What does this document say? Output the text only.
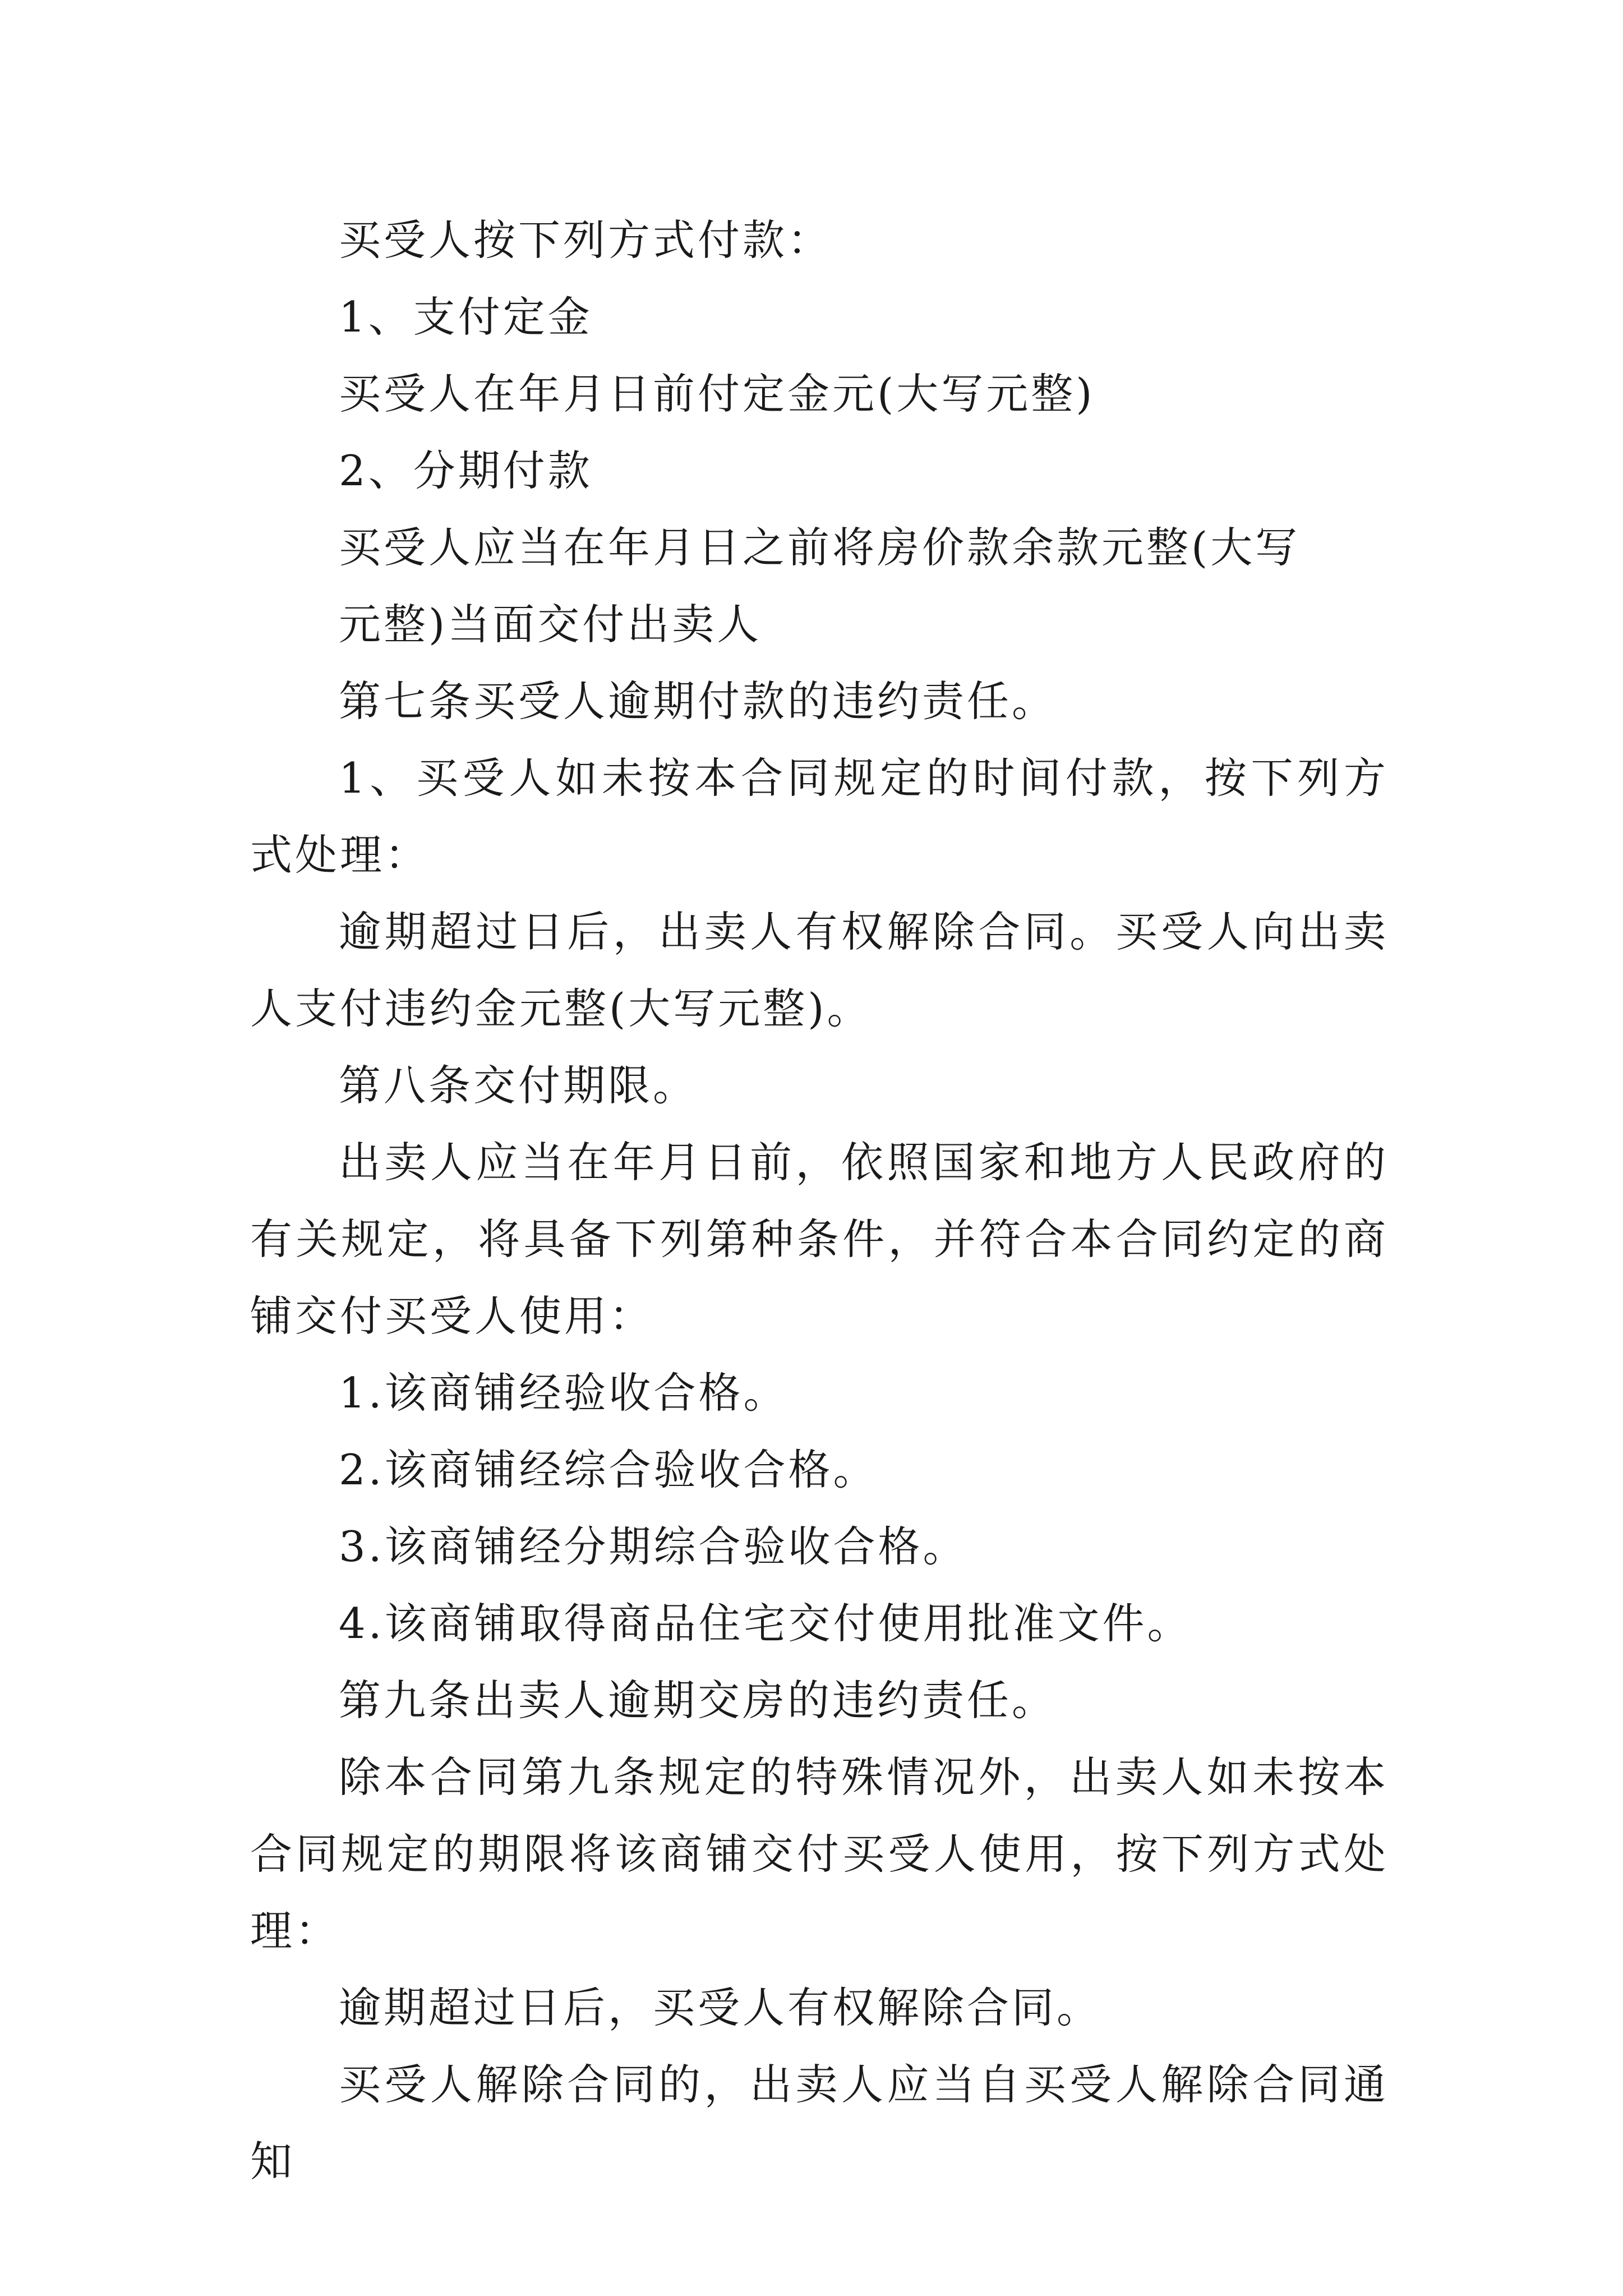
买受人按下列方式付款：

1、支付定金

买受人在年月日前付定金元(大写元整)

2、分期付款

买受人应当在年月日之前将房价款余款元整(大写

元整)当面交付出卖人

第七条买受人逾期付款的违约责任。

1、买受人如未按本合同规定的时间付款，按下列方式处理：

逾期超过日后，出卖人有权解除合同。买受人向出卖人支付违约金元整(大写元整)。

第八条交付期限。

出卖人应当在年月日前，依照国家和地方人民政府的有关规定，将具备下列第种条件，并符合本合同约定的商铺交付买受人使用：

1.该商铺经验收合格。

2.该商铺经综合验收合格。

3.该商铺经分期综合验收合格。

4.该商铺取得商品住宅交付使用批准文件。

第九条出卖人逾期交房的违约责任。

除本合同第九条规定的特殊情况外，出卖人如未按本合同规定的期限将该商铺交付买受人使用，按下列方式处理：

逾期超过日后，买受人有权解除合同。

买受人解除合同的，出卖人应当自买受人解除合同通知
